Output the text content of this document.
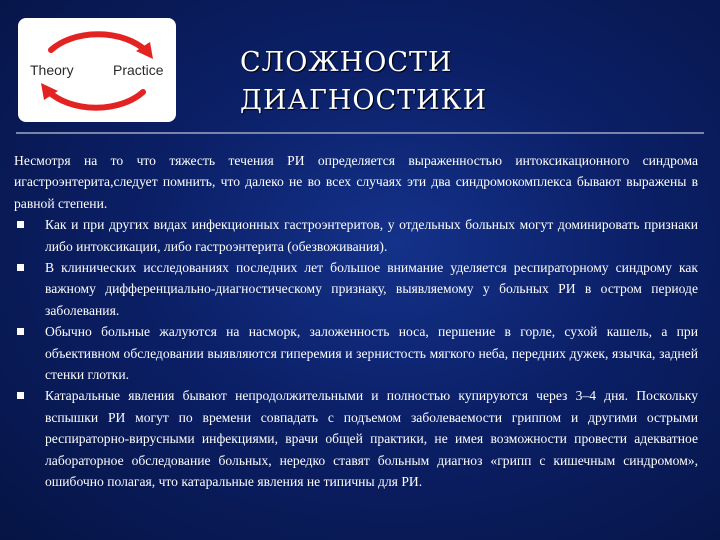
Theory	Practice	СЛОЖНОСТИ
ДИАГНОСТИКИ

Несмотря на то что тяжесть течения РИ определяется выраженностью интоксикационного синдрома игастроэнтерита,следует помнить, что далеко не во всех случаях эти два синдромокомплекса бывают выражены в равной степени.

Как и при других видах инфекционных гастроэнтеритов, у отдельных больных могут доминировать признаки либо интоксикации, либо гастроэнтерита (обезвоживания).
В клинических исследованиях последних лет большое внимание уделяется респираторному синдрому как важному дифференциально-диагностическому признаку, выявляемому у больных РИ в остром периоде заболевания.
Обычно больные жалуются на насморк, заложенность носа, першение в горле, сухой кашель, а при объективном обследовании выявляются гиперемия и зернистость мягкого неба, передних дужек, язычка, задней стенки глотки.
Катаральные явления бывают непродолжительными и полностью купируются через 3–4 дня. Поскольку вспышки РИ могут по времени совпадать с подъемом заболеваемости гриппом и другими острыми респираторно-вирусными инфекциями, врачи общей практики, не имея возможности провести адекватное лабораторное обследование больных, нередко ставят больным диагноз «грипп с кишечным синдромом», ошибочно полагая, что катаральные явления не типичны для РИ.
